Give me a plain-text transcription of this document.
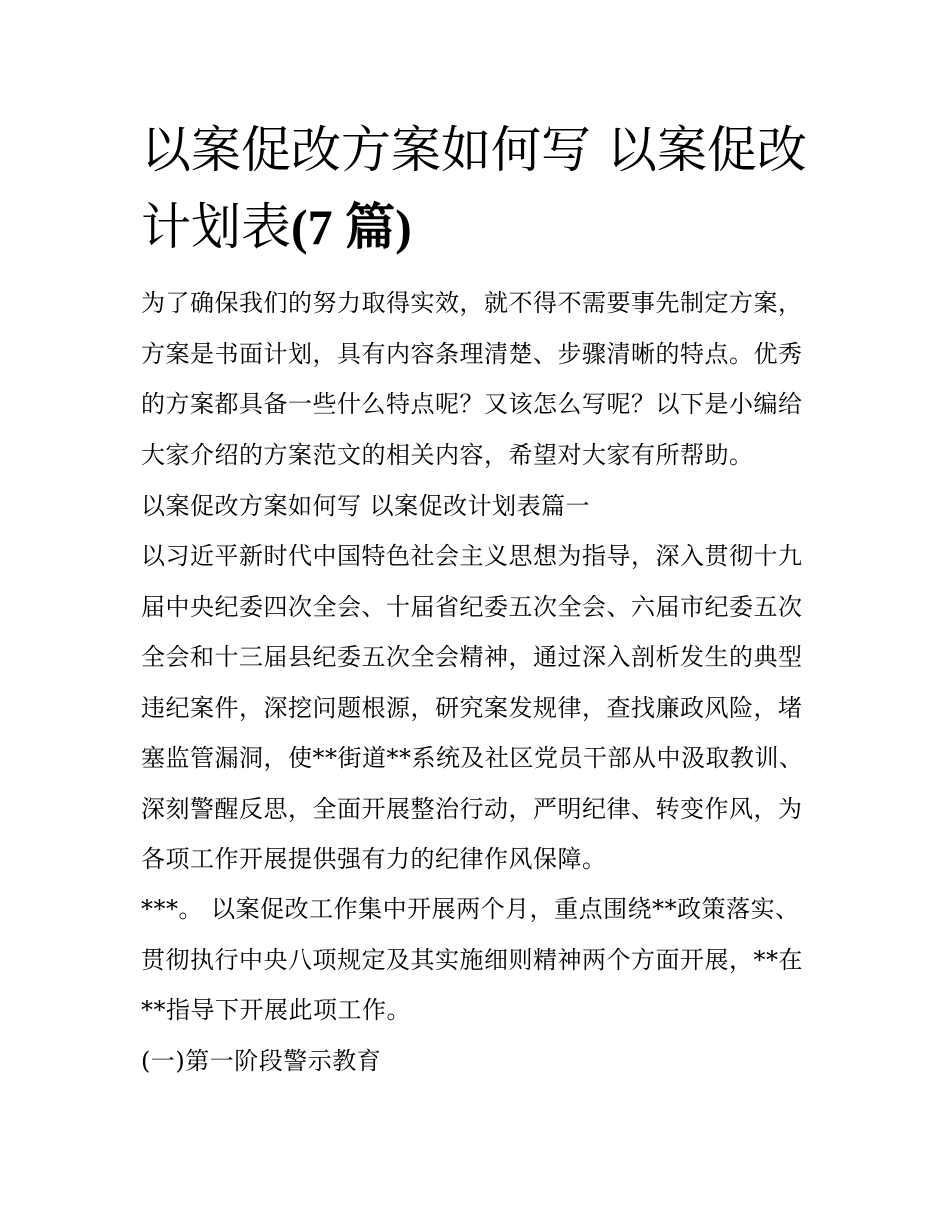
以案促改方案如何写 以案促改
计划表(7 篇)
为了确保我们的努力取得实效，就不得不需要事先制定方案，
方案是书面计划，具有内容条理清楚、步骤清晰的特点。优秀
的方案都具备一些什么特点呢？又该怎么写呢？以下是小编给
大家介绍的方案范文的相关内容，希望对大家有所帮助。
以案促改方案如何写 以案促改计划表篇一
以习近平新时代中国特色社会主义思想为指导，深入贯彻十九
届中央纪委四次全会、十届省纪委五次全会、六届市纪委五次
全会和十三届县纪委五次全会精神，通过深入剖析发生的典型
违纪案件，深挖问题根源，研究案发规律，查找廉政风险，堵
塞监管漏洞，使**街道**系统及社区党员干部从中汲取教训、
深刻警醒反思，全面开展整治行动，严明纪律、转变作风，为
各项工作开展提供强有力的纪律作风保障。
***。 以案促改工作集中开展两个月，重点围绕**政策落实、
贯彻执行中央八项规定及其实施细则精神两个方面开展，**在
**指导下开展此项工作。
(一)第一阶段警示教育
